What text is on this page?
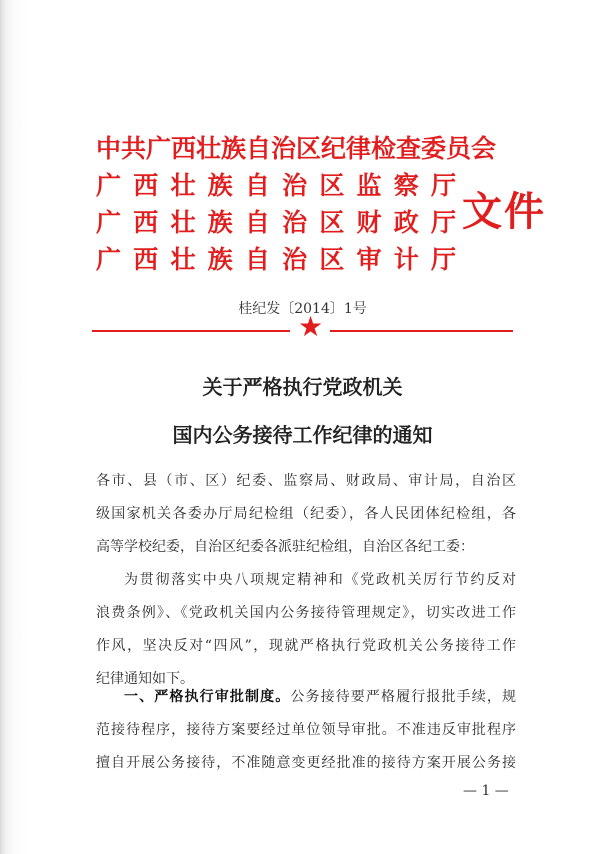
中共广西壮族自治区纪律检查委员会
广 西 壮 族 自 治 区 监 察 厅
广 西 壮 族 自 治 区 财 政 厅
广 西 壮 族 自 治 区 审 计 厅
文件
桂纪发〔2014〕1号
★
关于严格执行党政机关
国内公务接待工作纪律的通知
各市、县（市、区）纪委、监察局、财政局、审计局，自治区
级国家机关各委办厅局纪检组（纪委），各人民团体纪检组，各
高等学校纪委，自治区纪委各派驻纪检组，自治区各纪工委：
为贯彻落实中央八项规定精神和《党政机关厉行节约反对
浪费条例》、《党政机关国内公务接待管理规定》，切实改进工作
作风，坚决反对“四风”，现就严格执行党政机关公务接待工作
纪律通知如下。
一、严格执行审批制度。公务接待要严格履行报批手续，规
范接待程序，接待方案要经过单位领导审批。不准违反审批程序
擅自开展公务接待，不准随意变更经批准的接待方案开展公务接
— 1 —
